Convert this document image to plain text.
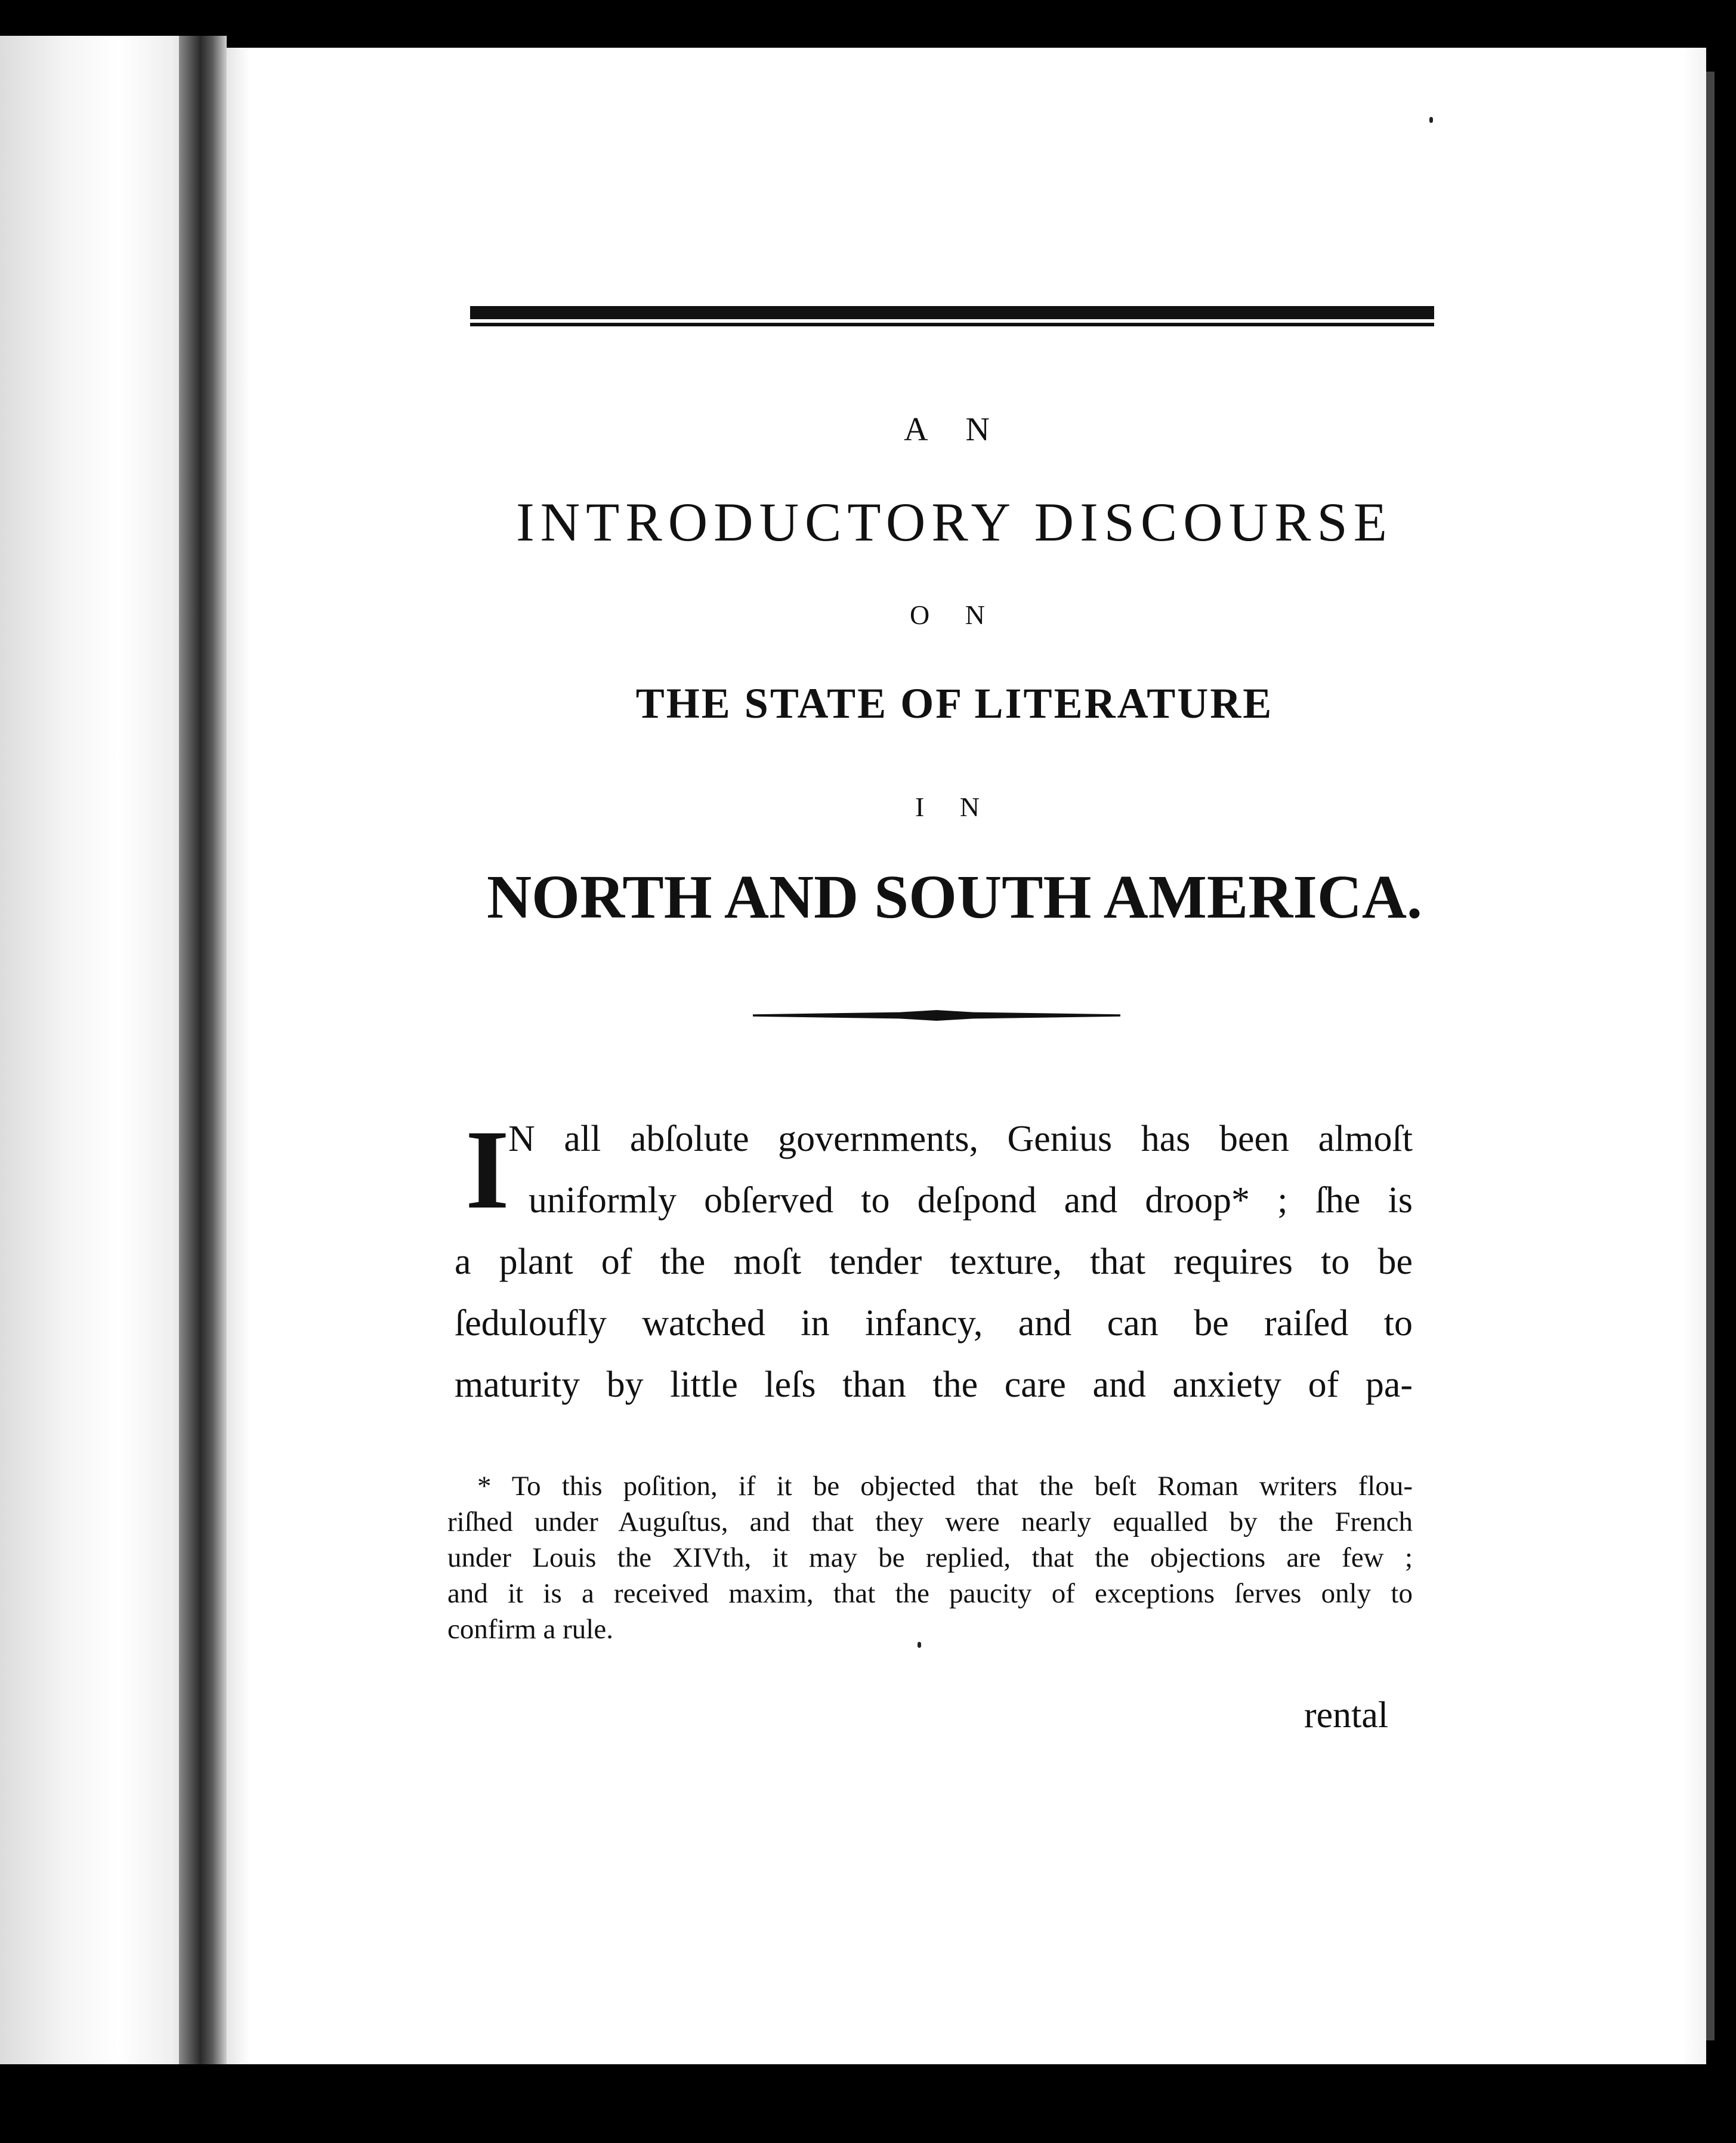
A N
INTRODUCTORY DISCOURSE
O N
THE STATE OF LITERATURE
I N
NORTH AND SOUTH AMERICA.
I
N all abſolute governments, Genius has been almoſt
uniformly obſerved to deſpond and droop* ; ſhe is
a plant of the moſt tender texture, that requires to be
ſeduloufly watched in infancy, and can be raiſed to
maturity by little leſs than the care and anxiety of pa-
* To this poſition, if it be objected that the beſt Roman writers flou-
riſhed under Auguſtus, and that they were nearly equalled by the French
under Louis the XIVth, it may be replied, that the objections are few ;
and it is a received maxim, that the paucity of exceptions ſerves only to
confirm a rule.
rental
